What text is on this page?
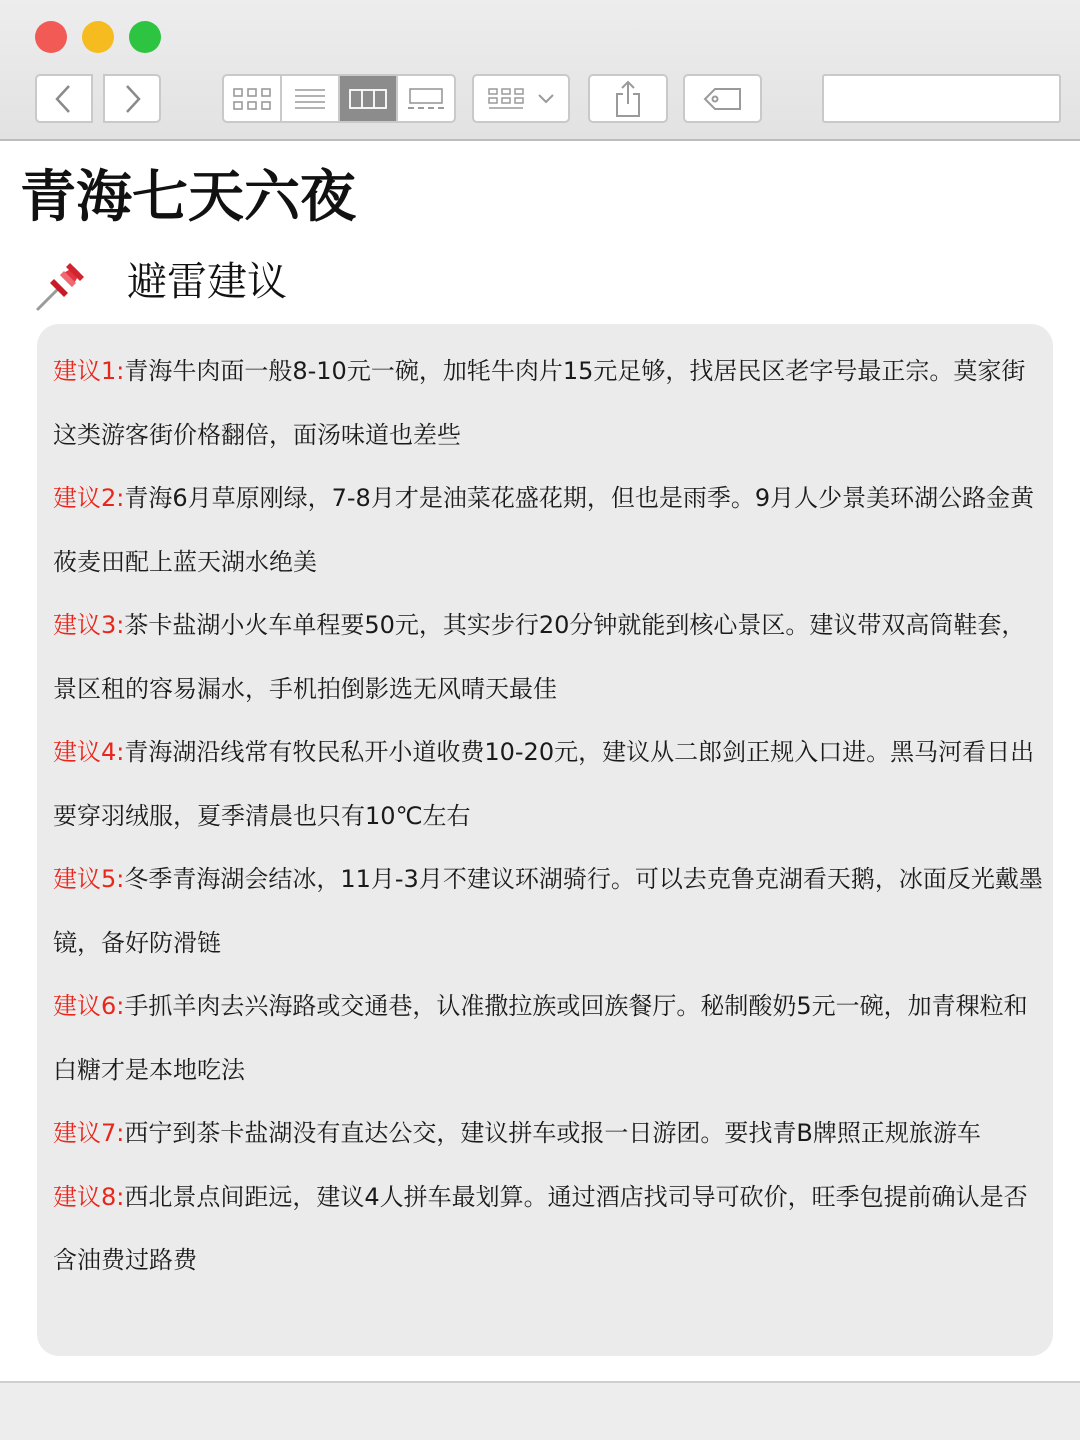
青海七天六夜
避雷建议

建议1:青海牛肉面一般8-10元一碗，加牦牛肉片15元足够，找居民区老字号最正宗。莫家街这类游客街价格翻倍，面汤味道也差些

建议2:青海6月草原刚绿，7-8月才是油菜花盛花期，但也是雨季。9月人少景美环湖公路金黄莜麦田配上蓝天湖水绝美

建议3:茶卡盐湖小火车单程要50元，其实步行20分钟就能到核心景区。建议带双高筒鞋套，景区租的容易漏水，手机拍倒影选无风晴天最佳

建议4:青海湖沿线常有牧民私开小道收费10-20元，建议从二郎剑正规入口进。黑马河看日出要穿羽绒服，夏季清晨也只有10℃左右

建议5:冬季青海湖会结冰，11月-3月不建议环湖骑行。可以去克鲁克湖看天鹅，冰面反光戴墨镜，备好防滑链

建议6:手抓羊肉去兴海路或交通巷，认准撒拉族或回族餐厅。秘制酸奶5元一碗，加青稞粒和白糖才是本地吃法

建议7:西宁到茶卡盐湖没有直达公交，建议拼车或报一日游团。要找青B牌照正规旅游车

建议8:西北景点间距远，建议4人拼车最划算。通过酒店找司导可砍价，旺季包提前确认是否含油费过路费
